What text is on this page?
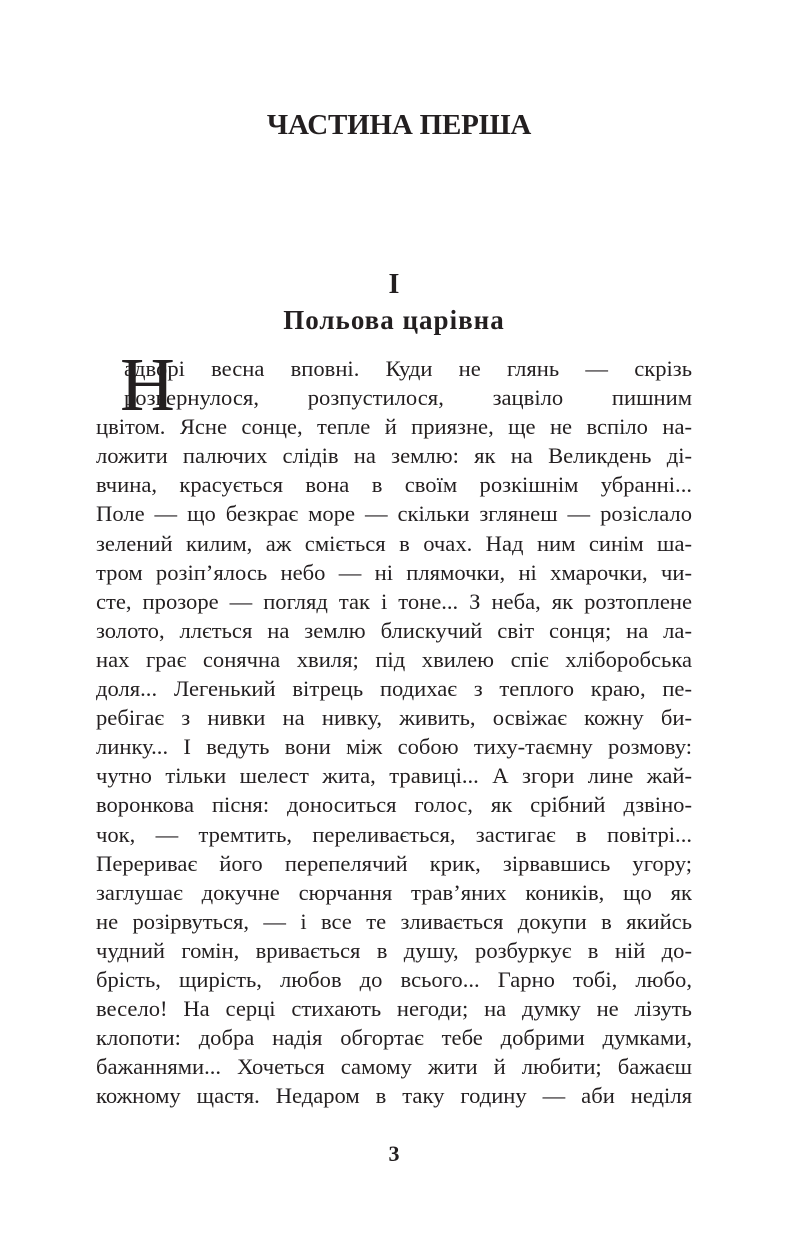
ЧАСТИНА ПЕРША
I
Польова царівна
Н
адворі весна вповні. Куди не глянь — скрізь
розвернулося, розпустилося, зацвіло пишним
цвітом. Ясне сонце, тепле й приязне, ще не вспіло на-
ложити палючих слідів на землю: як на Великдень ді-
вчина, красується вона в своїм розкішнім убранні...
Поле — що безкрає море — скільки зглянеш — розіслало
зелений килим, аж сміється в очах. Над ним синім ша-
тром розіп’ялось небо — ні плямочки, ні хмарочки, чи-
сте, прозоре — погляд так і тоне... З неба, як розтоплене
золото, ллється на землю блискучий світ сонця; на ла-
нах грає сонячна хвиля; під хвилею спіє хліборобська
доля... Легенький вітрець подихає з теплого краю, пе-
ребігає з нивки на нивку, живить, освіжає кожну би-
линку... І ведуть вони між собою тиху-таємну розмову:
чутно тільки шелест жита, травиці... А згори лине жай-
воронкова пісня: доноситься голос, як срібний дзвіно-
чок, — тремтить, переливається, застигає в повітрі...
Перериває його перепелячий крик, зірвавшись угору;
заглушає докучне сюрчання трав’яних коників, що як
не розірвуться, — і все те зливається докупи в якийсь
чудний гомін, вривається в душу, розбуркує в ній до-
брість, щирість, любов до всього... Гарно тобі, любо,
весело! На серці стихають негоди; на думку не лізуть
клопоти: добра надія обгортає тебе добрими думками,
бажаннями... Хочеться самому жити й любити; бажаєш
кожному щастя. Недаром в таку годину — аби неділя
3
